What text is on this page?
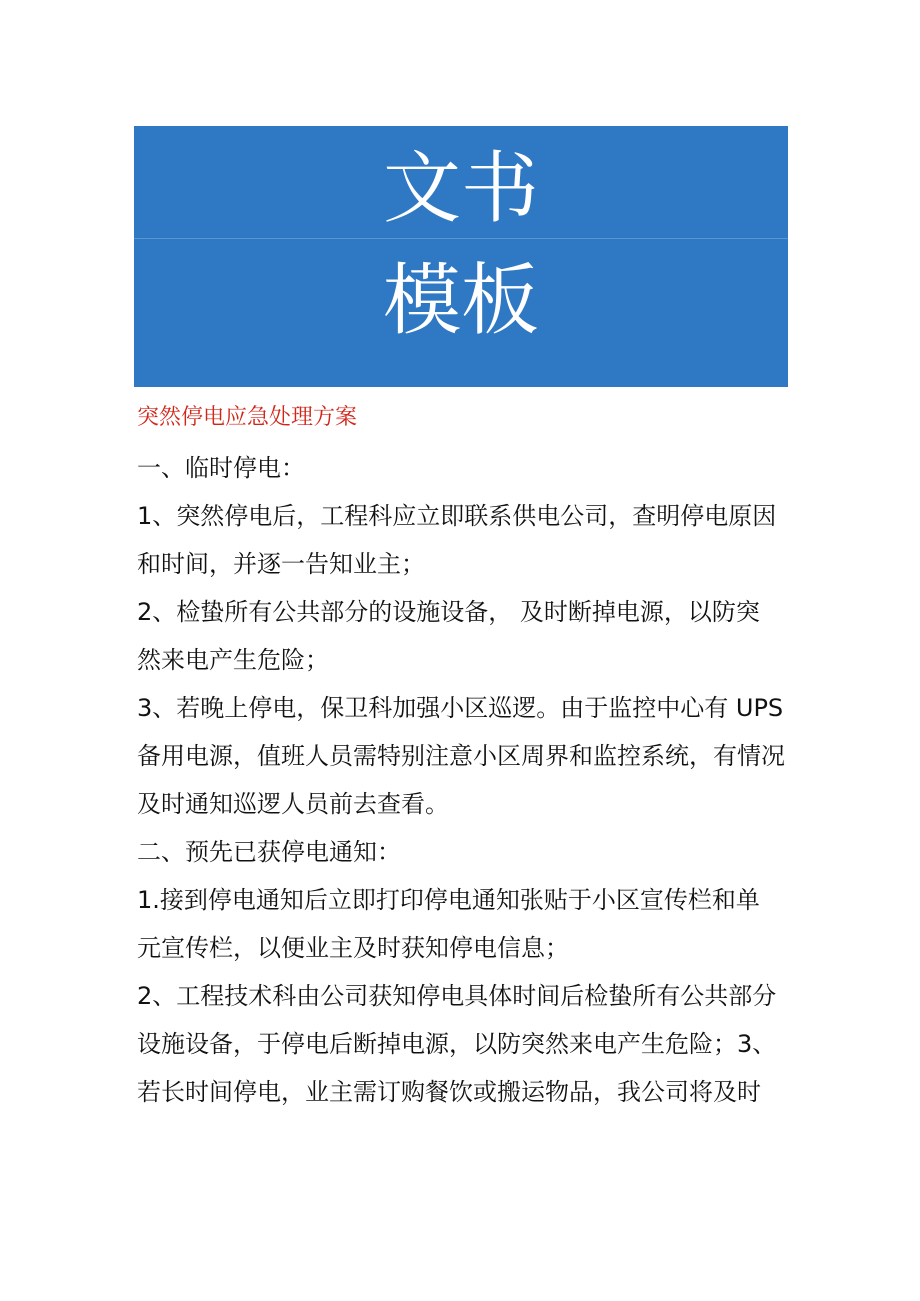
文书
模板
突然停电应急处理方案
一、临时停电：
1、突然停电后，工程科应立即联系供电公司，查明停电原因
和时间，并逐一告知业主；
2、检蛰所有公共部分的设施设备， 及时断掉电源，以防突
然来电产生危险；
3、若晚上停电，保卫科加强小区巡逻。由于监控中心有 UPS
备用电源，值班人员需特别注意小区周界和监控系统，有情况
及时通知巡逻人员前去查看。
二、预先已获停电通知：
1.接到停电通知后立即打印停电通知张贴于小区宣传栏和单
元宣传栏，以便业主及时获知停电信息；
2、工程技术科由公司获知停电具体时间后检蛰所有公共部分
设施设备，于停电后断掉电源，以防突然来电产生危险；3、
若长时间停电，业主需订购餐饮或搬运物品，我公司将及时
